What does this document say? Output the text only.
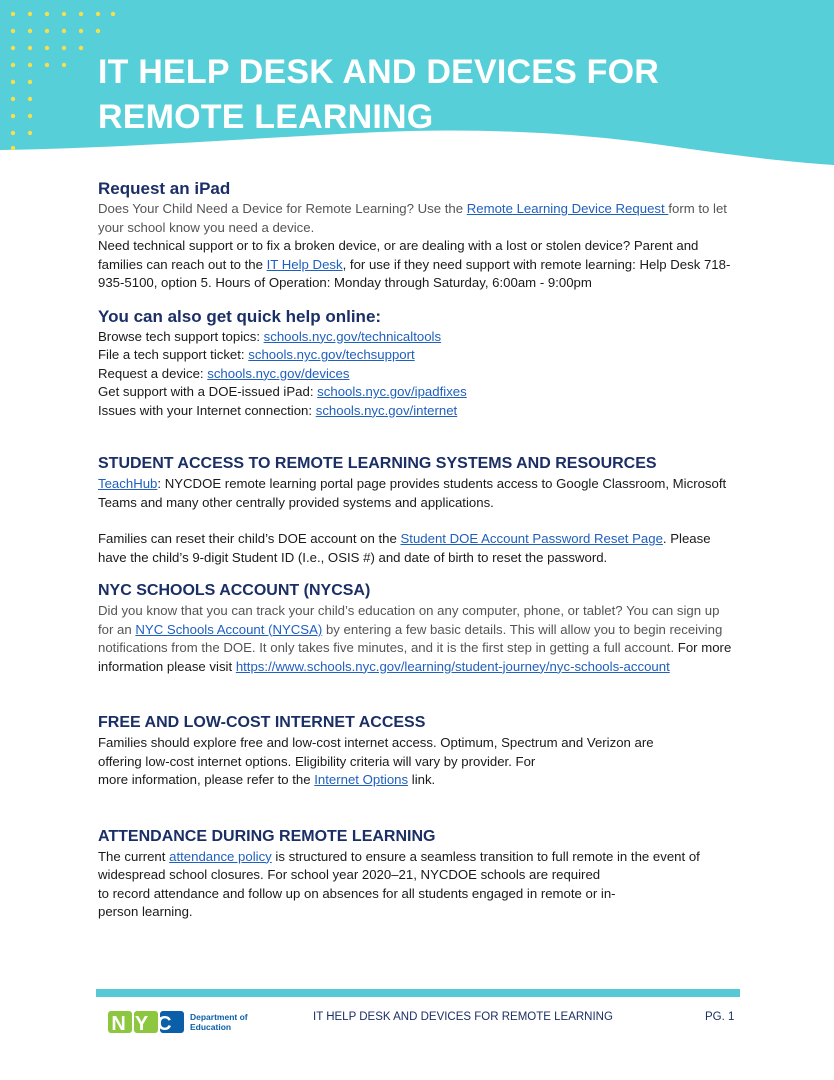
IT HELP DESK AND DEVICES FOR
REMOTE LEARNING
Request an iPad

Does Your Child Need a Device for Remote Learning? Use the Remote Learning Device Request form to let your school know you need a device.

Need technical support or to fix a broken device, or are dealing with a lost or stolen device? Parent and families can reach out to the IT Help Desk, for use if they need support with remote learning: Help Desk 718-935-5100, option 5. Hours of Operation: Monday through Saturday, 6:00am - 9:00pm

You can also get quick help online:

Browse tech support topics: schools.nyc.gov/technicaltools

File a tech support ticket: schools.nyc.gov/techsupport

Request a device: schools.nyc.gov/devices

Get support with a DOE-issued iPad: schools.nyc.gov/ipadfixes

Issues with your Internet connection: schools.nyc.gov/internet

STUDENT ACCESS TO REMOTE LEARNING SYSTEMS AND RESOURCES

TeachHub: NYCDOE remote learning portal page provides students access to Google Classroom, Microsoft Teams and many other centrally provided systems and applications.

Families can reset their child’s DOE account on the Student DOE Account Password Reset Page. Please have the child’s 9-digit Student ID (I.e., OSIS #) and date of birth to reset the password.

NYC SCHOOLS ACCOUNT (NYCSA)

Did you know that you can track your child’s education on any computer, phone, or tablet? You can sign up for an NYC Schools Account (NYCSA) by entering a few basic details. This will allow you to begin receiving notifications from the DOE. It only takes five minutes, and it is the first step in getting a full account. For more information please visit https://www.schools.nyc.gov/learning/student-journey/nyc-schools-account

FREE AND LOW-COST INTERNET ACCESS

Families should explore free and low-cost internet access. Optimum, Spectrum and Verizon are

offering low-cost internet options. Eligibility criteria will vary by provider. For

more information, please refer to the Internet Options link.

ATTENDANCE DURING REMOTE LEARNING

The current attendance policy is structured to ensure a seamless transition to full remote in the event of

widespread school closures. For school year 2020–21, NYCDOE schools are required

to record attendance and follow up on absences for all students engaged in remote or in-

person learning.

NYC Department of
Education
IT HELP DESK AND DEVICES FOR REMOTE LEARNING	PG. 1
